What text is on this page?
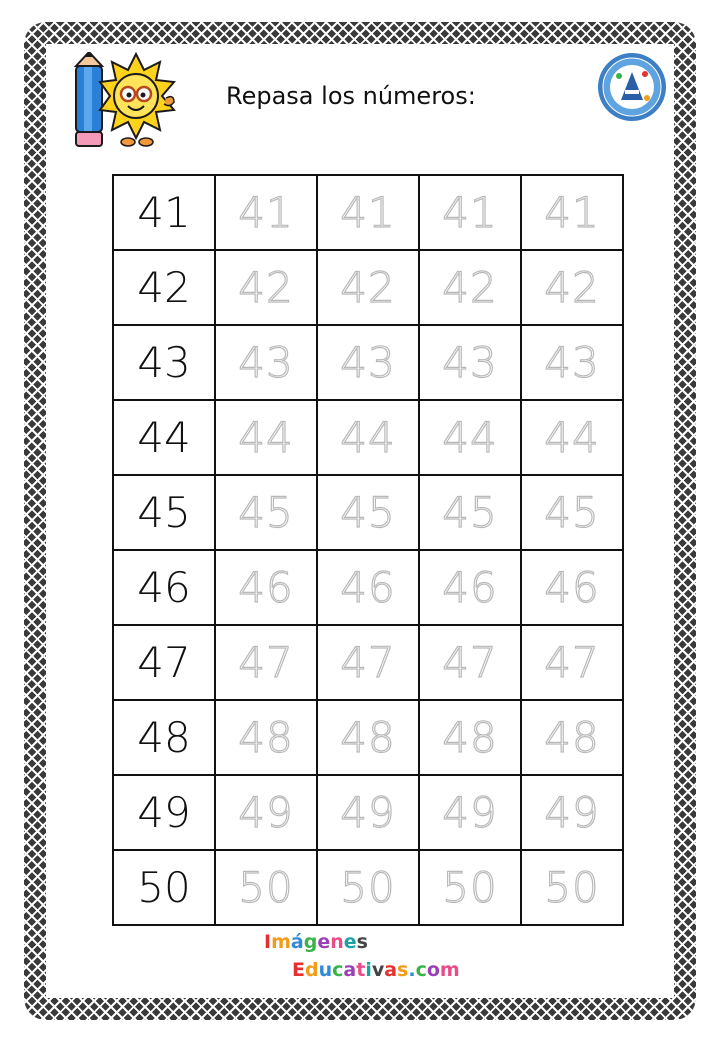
Repasa los números:
41	41	41	41	41
42	42	42	42	42
43	43	43	43	43
44	44	44	44	44
45	45	45	45	45
46	46	46	46	46
47	47	47	47	47
48	48	48	48	48
49	49	49	49	49
50	50	50	50	50
Imágenes
Educativas.com
